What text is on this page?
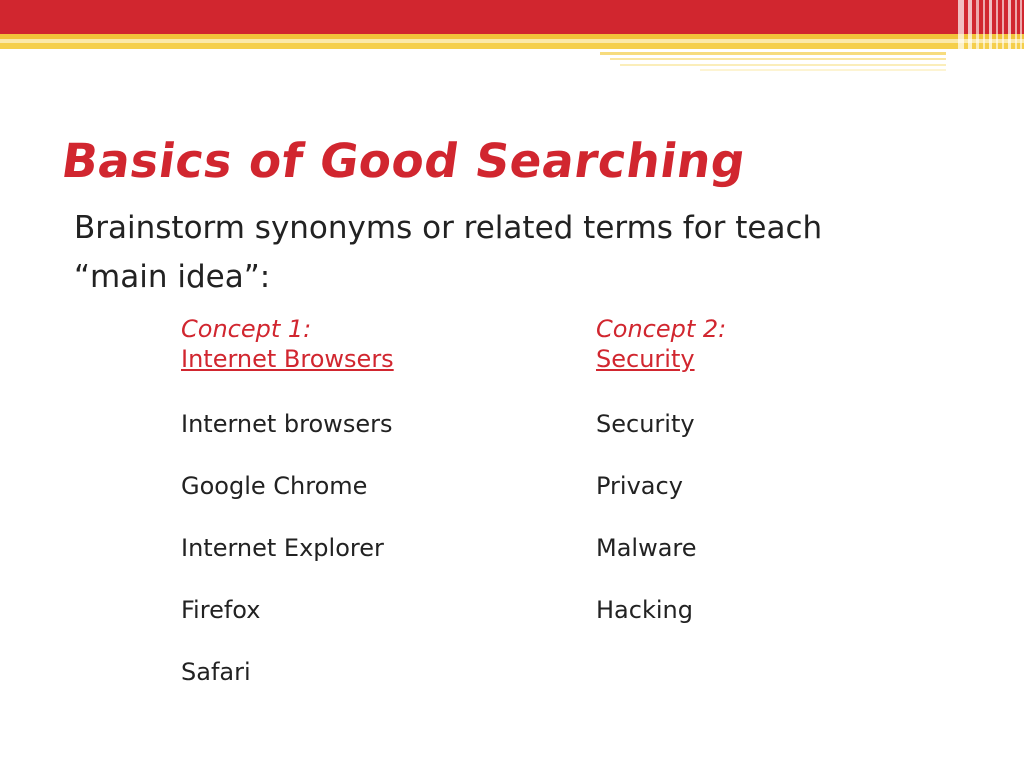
Basics of Good Searching

Brainstorm synonyms or related terms for teach “main idea”:

Concept 1:
Internet Browsers
Internet browsers
Google Chrome
Internet Explorer
Firefox
Safari
Concept 2:
Security
Security
Privacy
Malware
Hacking
